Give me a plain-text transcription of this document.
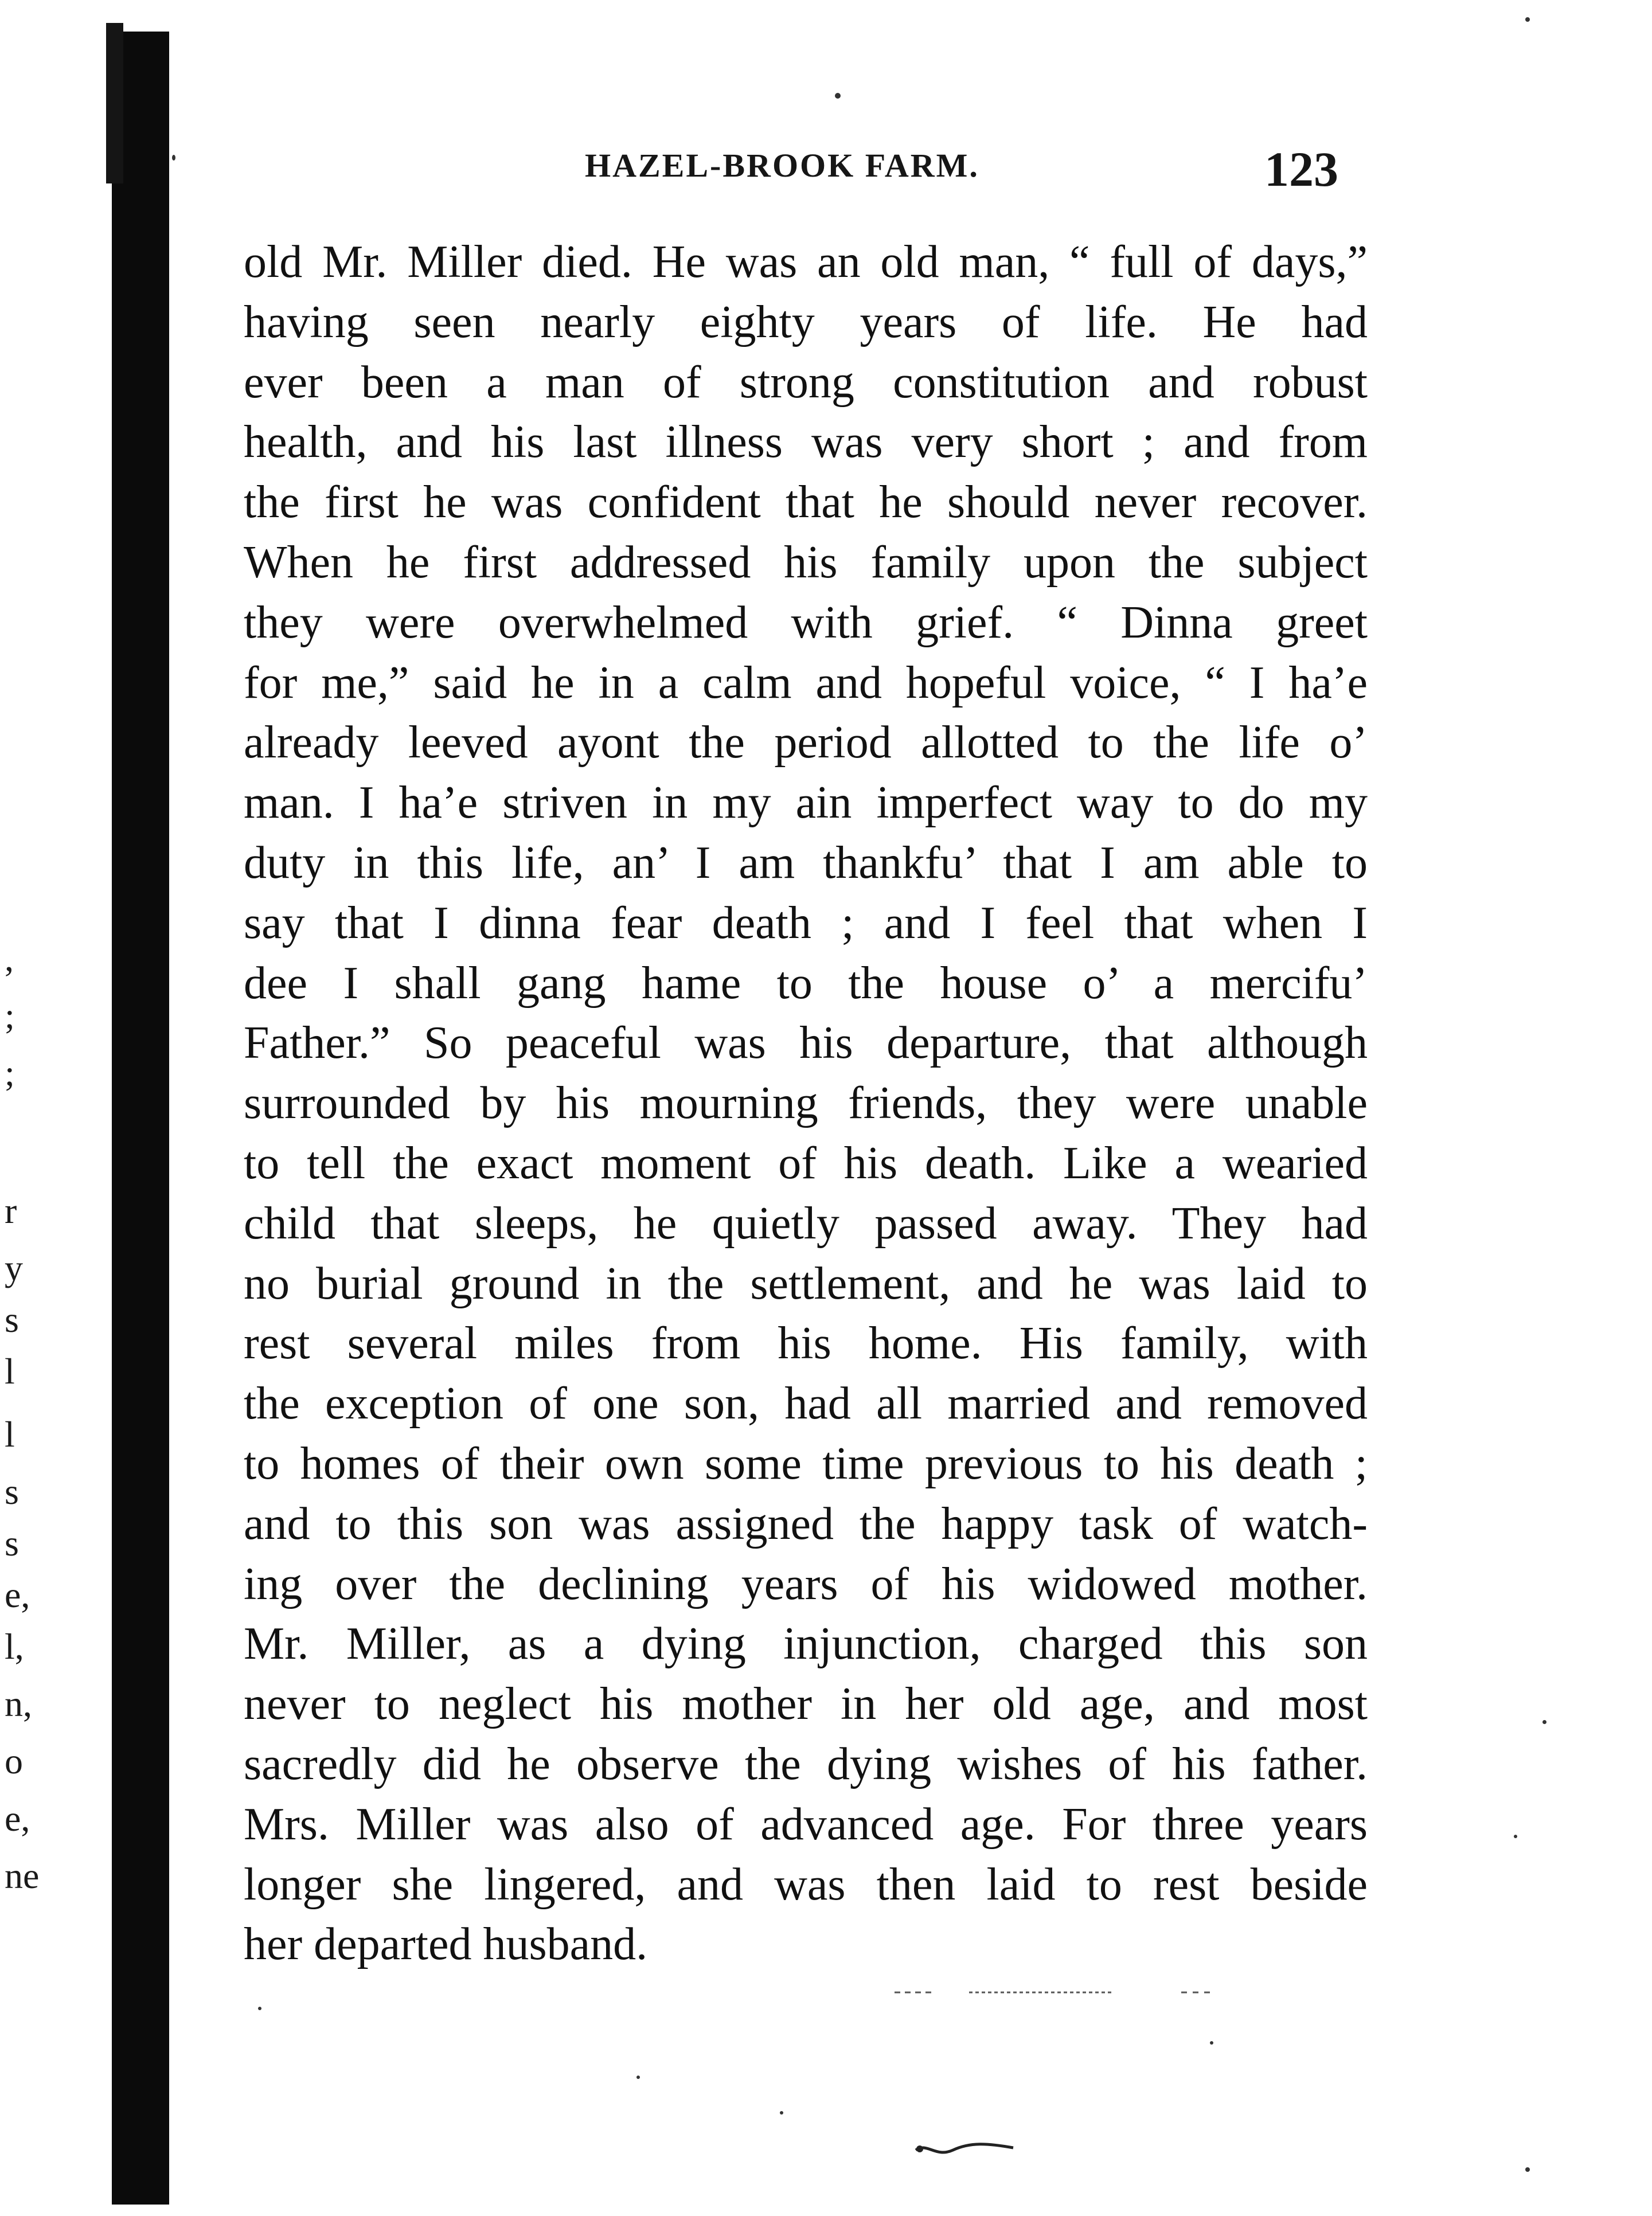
,
;
;
r
y
s
l
l
s
s
e,
l,
n,
o
e,
ne
HAZEL-BROOK FARM.	123
old Mr. Miller died. He was an old man, “ full of days,”
having seen nearly eighty years of life. He had
ever been a man of strong constitution and robust
health, and his last illness was very short ; and from
the first he was confident that he should never recover.
When he first addressed his family upon the subject
they were overwhelmed with grief. “ Dinna greet
for me,” said he in a calm and hopeful voice, “ I ha’e
already leeved ayont the period allotted to the life o’
man. I ha’e striven in my ain imperfect way to do my
duty in this life, an’ I am thankfu’ that I am able to
say that I dinna fear death ; and I feel that when I
dee I shall gang hame to the house o’ a mercifu’
Father.” So peaceful was his departure, that although
surrounded by his mourning friends, they were unable
to tell the exact moment of his death. Like a wearied
child that sleeps, he quietly passed away. They had
no burial ground in the settlement, and he was laid to
rest several miles from his home. His family, with
the exception of one son, had all married and removed
to homes of their own some time previous to his death ;
and to this son was assigned the happy task of watch-
ing over the declining years of his widowed mother.
Mr. Miller, as a dying injunction, charged this son
never to neglect his mother in her old age, and most
sacredly did he observe the dying wishes of his father.
Mrs. Miller was also of advanced age. For three years
longer she lingered, and was then laid to rest beside
her departed husband.
